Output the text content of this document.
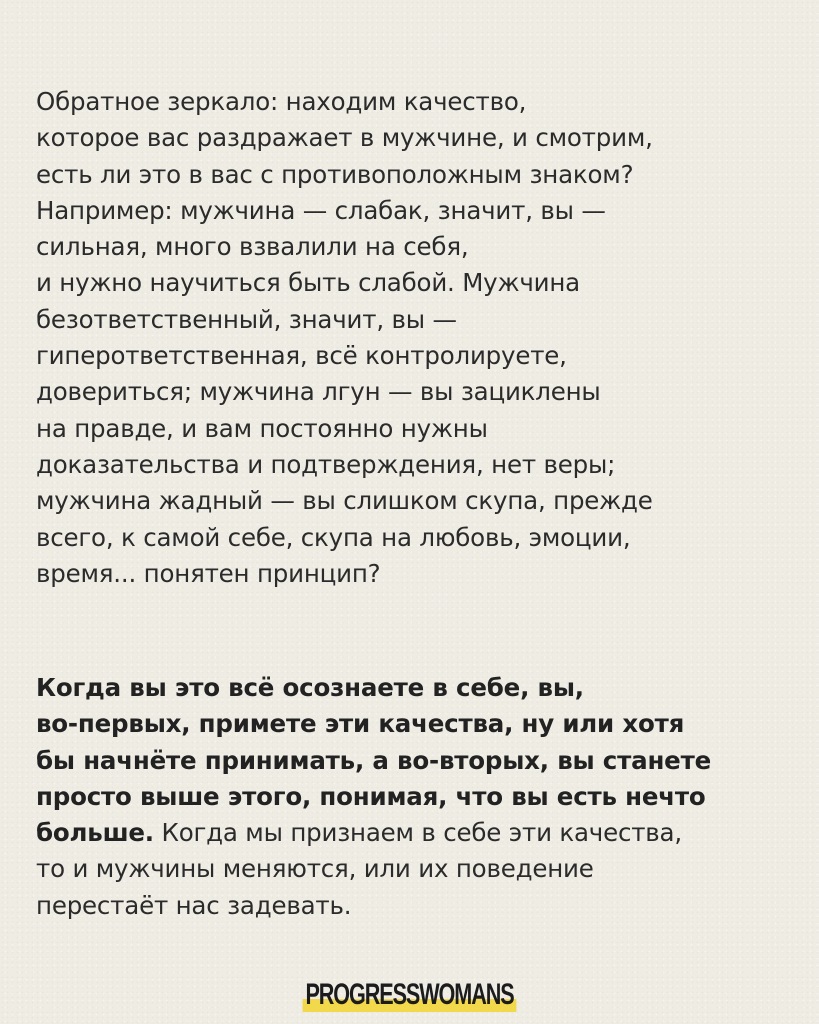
Обратное зеркало: находим качество,
которое вас раздражает в мужчине, и смотрим,
есть ли это в вас с противоположным знаком?
Например: мужчина — слабак, значит, вы —
сильная, много взвалили на себя,
и нужно научиться быть слабой. Мужчина
безответственный, значит, вы —
гиперответственная, всё контролируете,
довериться; мужчина лгун — вы зациклены
на правде, и вам постоянно нужны
доказательства и подтверждения, нет веры;
мужчина жадный — вы слишком скупа, прежде
всего, к самой себе, скупа на любовь, эмоции,
время... понятен принцип?
Когда вы это всё осознаете в себе, вы,
во-первых, примете эти качества, ну или хотя
бы начнёте принимать, а во-вторых, вы станете
просто выше этого, понимая, что вы есть нечто
больше. Когда мы признаем в себе эти качества,
то и мужчины меняются, или их поведение
перестаёт нас задевать.
PROGRESSWOMANS
